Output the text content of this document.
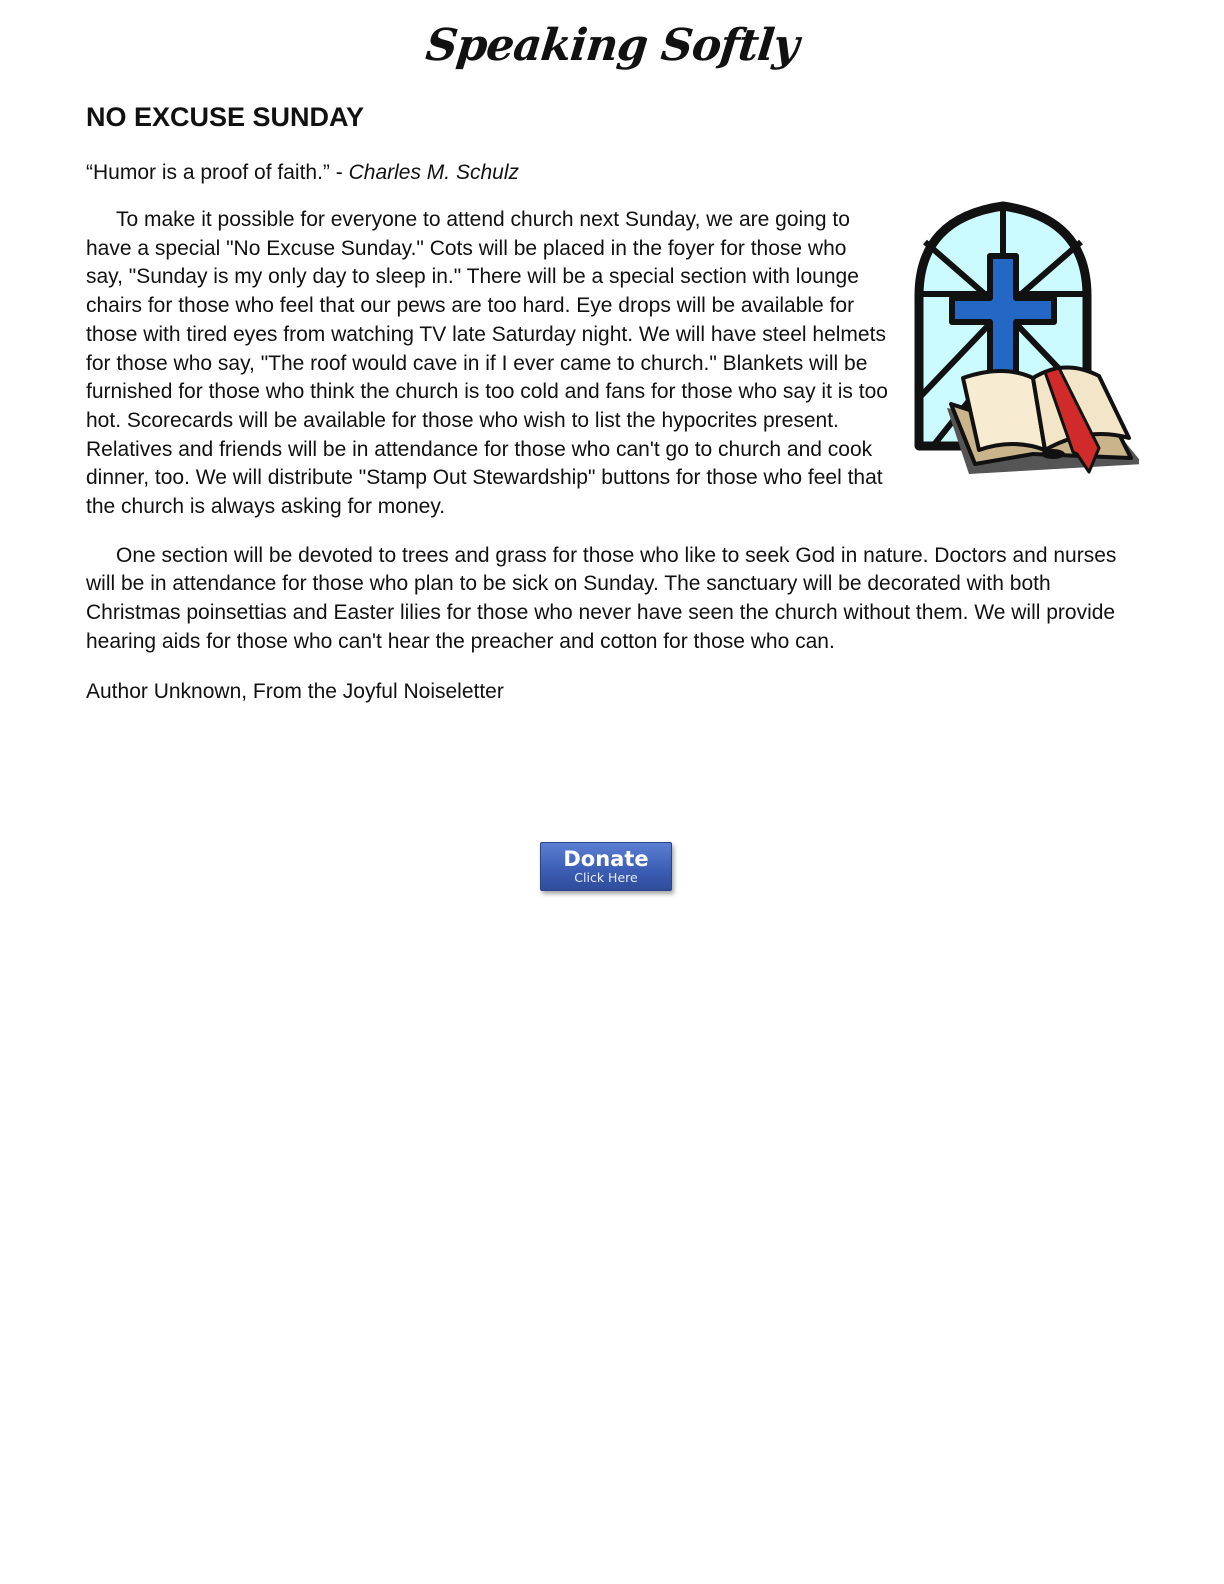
Speaking Softly
NO EXCUSE SUNDAY

“Humor is a proof of faith.” - Charles M. Schulz

To make it possible for everyone to attend church next Sunday, we are going to have a special "No Excuse Sunday." Cots will be placed in the foyer for those who say, "Sunday is my only day to sleep in." There will be a special section with lounge chairs for those who feel that our pews are too hard. Eye drops will be available for those with tired eyes from watching TV late Saturday night. We will have steel helmets for those who say, "The roof would cave in if I ever came to church." Blankets will be furnished for those who think the church is too cold and fans for those who say it is too hot. Scorecards will be available for those who wish to list the hypocrites present. Relatives and friends will be in attendance for those who can't go to church and cook dinner, too. We will distribute "Stamp Out Stewardship" buttons for those who feel that the church is always asking for money.

One section will be devoted to trees and grass for those who like to seek God in nature. Doctors and nurses will be in attendance for those who plan to be sick on Sunday. The sanctuary will be decorated with both Christmas poinsettias and Easter lilies for those who never have seen the church without them. We will provide hearing aids for those who can't hear the preacher and cotton for those who can.

Author Unknown, From the Joyful Noiseletter

Donate
Click Here
